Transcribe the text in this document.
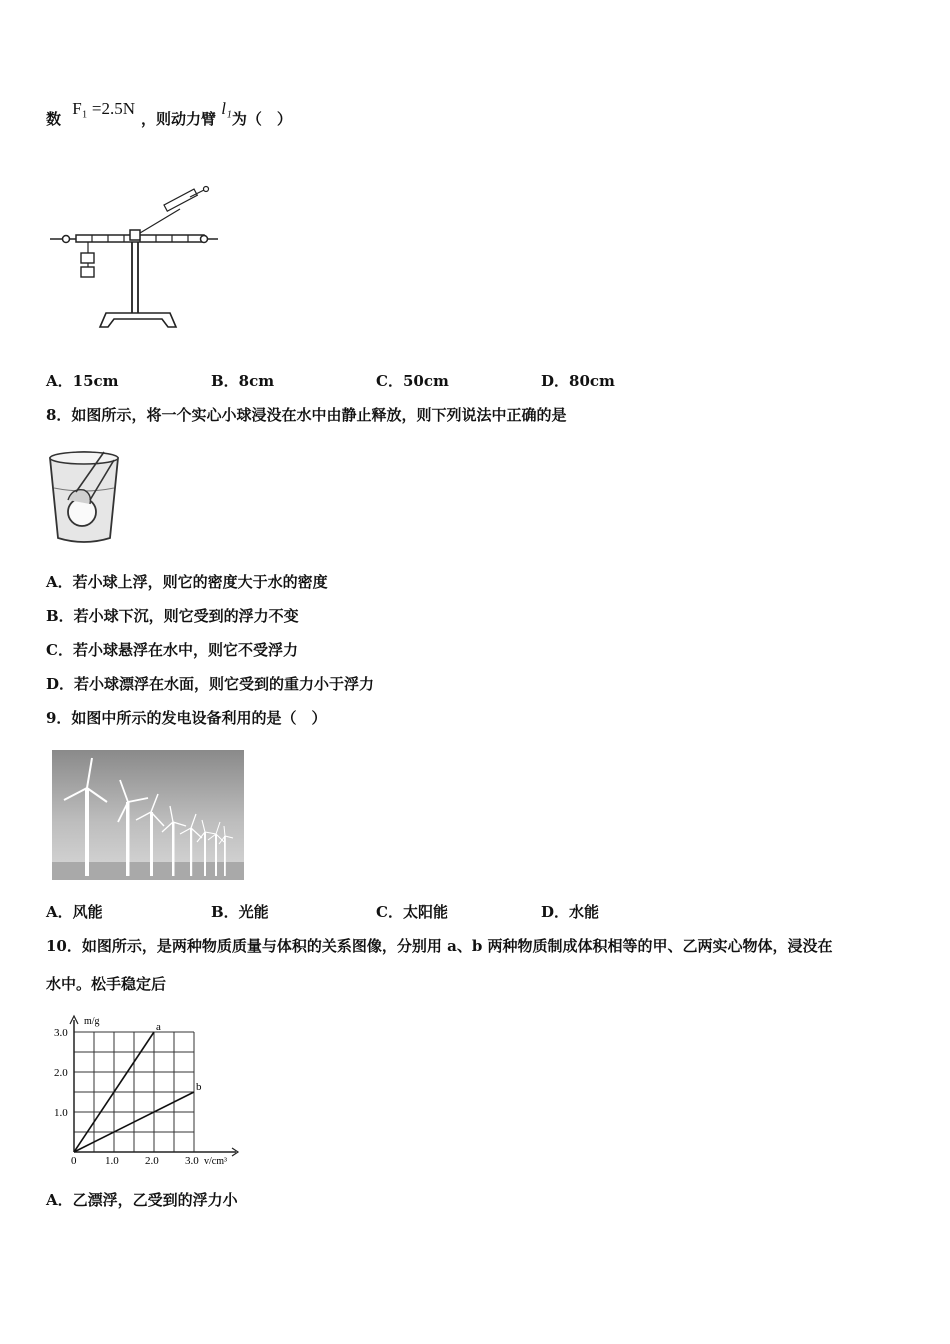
数 F₁ =2.5N，则动力臂 l₁为（　）
A．15cm	B．8cm	C．50cm	D．80cm
8．如图所示，将一个实心小球浸没在水中由静止释放，则下列说法中正确的是
A．若小球上浮，则它的密度大于水的密度
B．若小球下沉，则它受到的浮力不变
C．若小球悬浮在水中，则它不受浮力
D．若小球漂浮在水面，则它受到的重力小于浮力
9．如图中所示的发电设备利用的是（　）
A．风能	B．光能	C．太阳能	D．水能
10．如图所示，是两种物质质量与体积的关系图像，分别用 a、b 两种物质制成体积相等的甲、乙两实心物体，浸没在
水中。松手稳定后
m/g
v/cm³
0	1.0 2.0 3.0
1.0
2.0
3.0	a
b
A．乙漂浮，乙受到的浮力小
